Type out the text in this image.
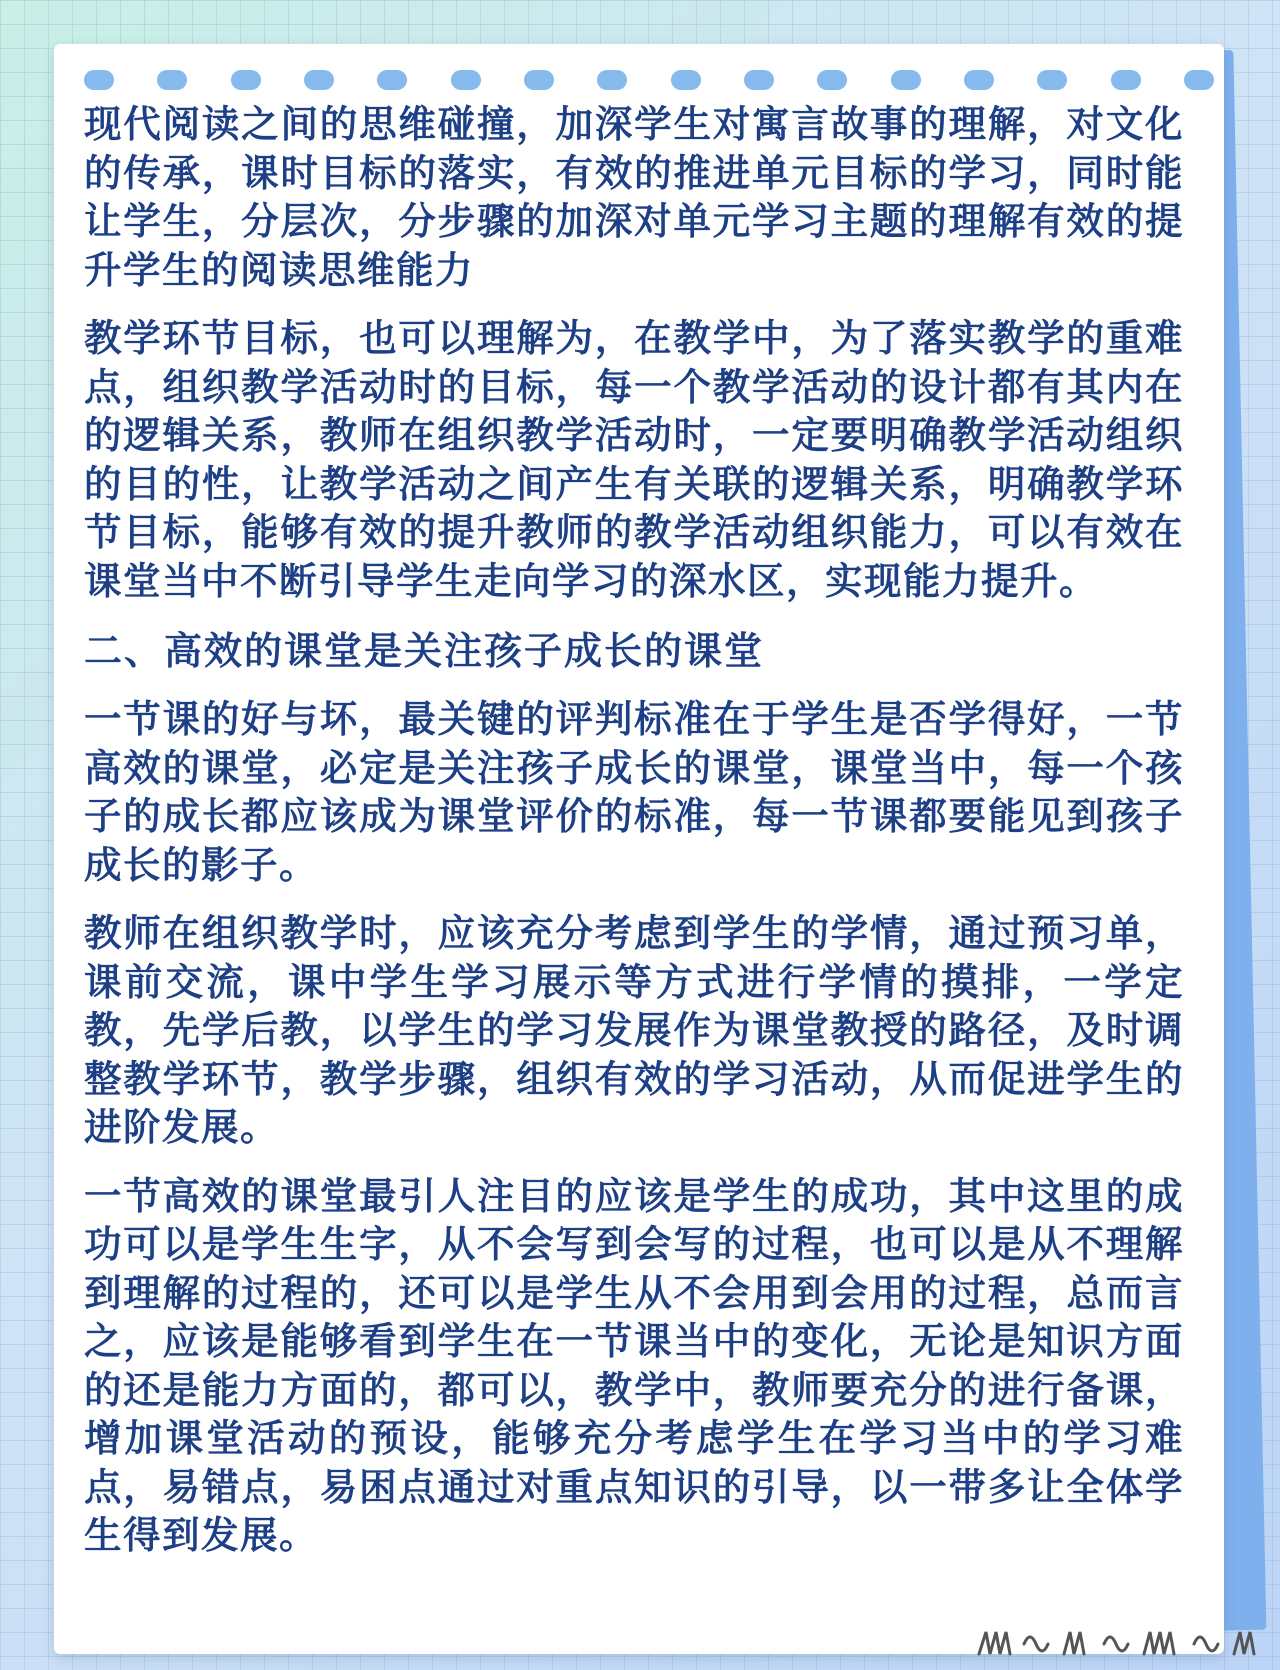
现代阅读之间的思维碰撞，加深学生对寓言故事的理解，对文化的传承，课时目标的落实，有效的推进单元目标的学习，同时能让学生，分层次，分步骤的加深对单元学习主题的理解有效的提升学生的阅读思维能力

教学环节目标，也可以理解为，在教学中，为了落实教学的重难点，组织教学活动时的目标，每一个教学活动的设计都有其内在的逻辑关系，教师在组织教学活动时，一定要明确教学活动组织的目的性，让教学活动之间产生有关联的逻辑关系，明确教学环节目标，能够有效的提升教师的教学活动组织能力，可以有效在课堂当中不断引导学生走向学习的深水区，实现能力提升。

二、高效的课堂是关注孩子成长的课堂

一节课的好与坏，最关键的评判标准在于学生是否学得好，一节高效的课堂，必定是关注孩子成长的课堂，课堂当中，每一个孩子的成长都应该成为课堂评价的标准，每一节课都要能见到孩子成长的影子。

教师在组织教学时，应该充分考虑到学生的学情，通过预习单，课前交流，课中学生学习展示等方式进行学情的摸排，一学定教，先学后教，以学生的学习发展作为课堂教授的路径，及时调整教学环节，教学步骤，组织有效的学习活动，从而促进学生的进阶发展。

一节高效的课堂最引人注目的应该是学生的成功，其中这里的成功可以是学生生字，从不会写到会写的过程，也可以是从不理解到理解的过程的，还可以是学生从不会用到会用的过程，总而言之，应该是能够看到学生在一节课当中的变化，无论是知识方面的还是能力方面的，都可以，教学中，教师要充分的进行备课，增加课堂活动的预设，能够充分考虑学生在学习当中的学习难点，易错点，易困点通过对重点知识的引导，以一带多让全体学生得到发展。
